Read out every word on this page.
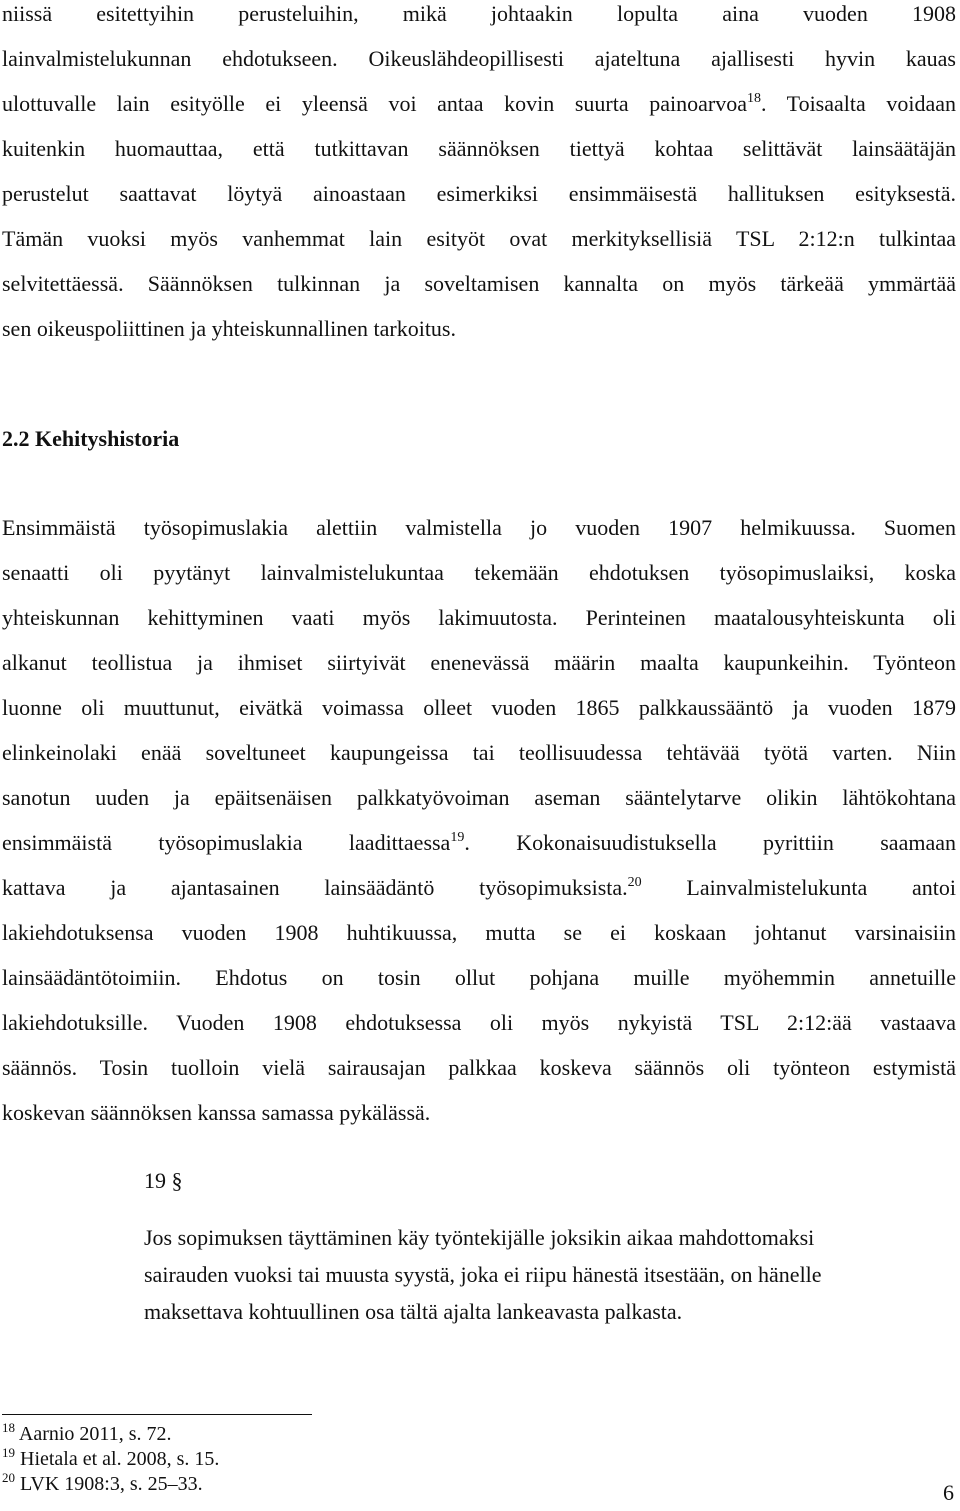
niissä esitettyihin perusteluihin, mikä johtaakin lopulta aina vuoden 1908
lainvalmistelukunnan ehdotukseen. Oikeuslähdeopillisesti ajateltuna ajallisesti hyvin kauas
ulottuvalle lain esityölle ei yleensä voi antaa kovin suurta painoarvoa$^{18}$. Toisaalta voidaan
kuitenkin huomauttaa, että tutkittavan säännöksen tiettyä kohtaa selittävät lainsäätäjän
perustelut saattavat löytyä ainoastaan esimerkiksi ensimmäisestä hallituksen esityksestä.
Tämän vuoksi myös vanhemmat lain esityöt ovat merkityksellisiä TSL 2:12:n tulkintaa
selvitettäessä. Säännöksen tulkinnan ja soveltamisen kannalta on myös tärkeää ymmärtää
sen oikeuspoliittinen ja yhteiskunnallinen tarkoitus.
2.2 Kehityshistoria
Ensimmäistä työsopimuslakia alettiin valmistella jo vuoden 1907 helmikuussa. Suomen
senaatti oli pyytänyt lainvalmistelukuntaa tekemään ehdotuksen työsopimuslaiksi, koska
yhteiskunnan kehittyminen vaati myös lakimuutosta. Perinteinen maatalousyhteiskunta oli
alkanut teollistua ja ihmiset siirtyivät enenevässä määrin maalta kaupunkeihin. Työnteon
luonne oli muuttunut, eivätkä voimassa olleet vuoden 1865 palkkaussääntö ja vuoden 1879
elinkeinolaki enää soveltuneet kaupungeissa tai teollisuudessa tehtävää työtä varten. Niin
sanotun uuden ja epäitsenäisen palkkatyövoiman aseman sääntelytarve olikin lähtökohtana
ensimmäistä työsopimuslakia laadittaessa$^{19}$. Kokonaisuudistuksella pyrittiin saamaan
kattava ja ajantasainen lainsäädäntö työsopimuksista.$^{20}$ Lainvalmistelukunta antoi
lakiehdotuksensa vuoden 1908 huhtikuussa, mutta se ei koskaan johtanut varsinaisiin
lainsäädäntötoimiin. Ehdotus on tosin ollut pohjana muille myöhemmin annetuille
lakiehdotuksille. Vuoden 1908 ehdotuksessa oli myös nykyistä TSL 2:12:ää vastaava
säännös. Tosin tuolloin vielä sairausajan palkkaa koskeva säännös oli työnteon estymistä
koskevan säännöksen kanssa samassa pykälässä.
19 §
Jos sopimuksen täyttäminen käy työntekijälle joksikin aikaa mahdottomaksi
sairauden vuoksi tai muusta syystä, joka ei riipu hänestä itsestään, on hänelle
maksettava kohtuullinen osa tältä ajalta lankeavasta palkasta.
$^{18}$ Aarnio 2011, s. 72.
$^{19}$ Hietala et al. 2008, s. 15.
$^{20}$ LVK 1908:3, s. 25–33.	6
